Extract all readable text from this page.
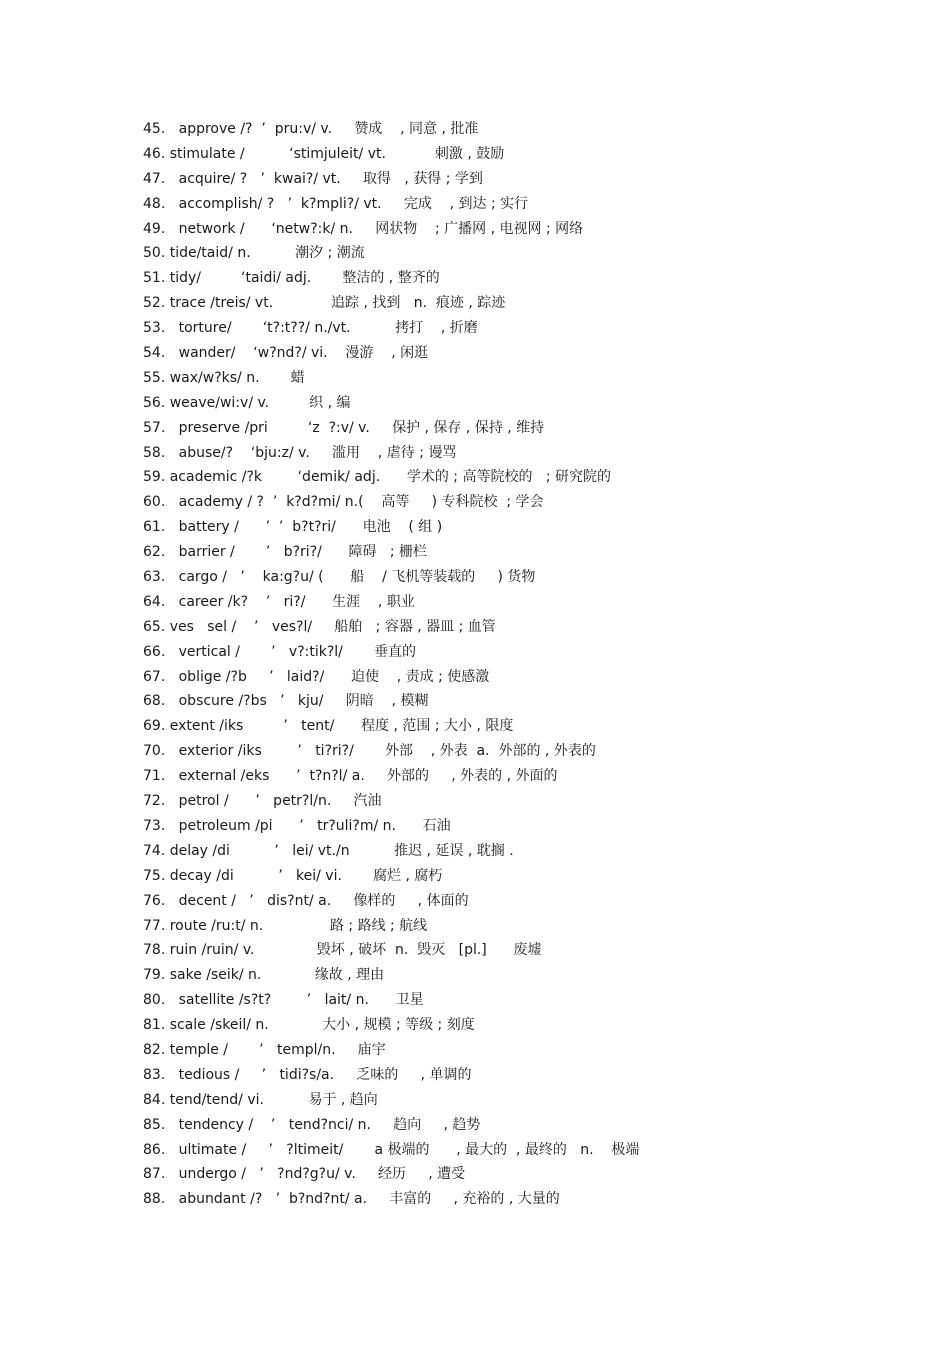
45.   approve /?  ’  pru:v/ v.     赞成    , 同意 , 批准
46. stimulate /          ‘stimjuleit/ vt.           刺激 , 鼓励
47.   acquire/ ?   ’  kwai?/ vt.     取得   , 获得 ; 学到
48.   accomplish/ ?   ’  k?mpli?/ vt.     完成    , 到达 ; 实行
49.   network /      ‘netw?:k/ n.     网状物    ; 广播网 , 电视网 ; 网络
50. tide/taid/ n.          潮汐 ; 潮流
51. tidy/         ‘taidi/ adj.       整洁的 , 整齐的
52. trace /treis/ vt.             追踪 , 找到   n.  痕迹 , 踪迹
53.   torture/       ‘t?:t??/ n./vt.          拷打    , 折磨
54.   wander/    ‘w?nd?/ vi.    漫游    , 闲逛
55. wax/w?ks/ n.       蜡
56. weave/wi:v/ v.         织 , 编
57.   preserve /pri         ‘z  ?:v/ v.     保护 , 保存 , 保持 , 维持
58.   abuse/?    ‘bju:z/ v.     滥用    , 虐待 ; 谩骂
59. academic /?k        ‘demik/ adj.      学术的 ; 高等院校的   ; 研究院的
60.   academy / ?  ’  k?d?mi/ n.(    高等     ) 专科院校  ; 学会
61.   battery /      ’  ’  b?t?ri/      电池    ( 组 )
62.   barrier /       ’   b?ri?/      障碍   ; 栅栏
63.   cargo /   ’    ka:g?u/ (      船    / 飞机等装载的     ) 货物
64.   career /k?    ’   ri?/      生涯    , 职业
65. ves   sel /    ’   ves?l/     船舶   ; 容器 , 器皿 ; 血管
66.   vertical /       ’   v?:tik?l/       垂直的
67.   oblige /?b     ’   laid?/      迫使    , 责成 ; 使感激
68.   obscure /?bs   ’   kju/     阴暗    , 模糊
69. extent /iks         ’   tent/      程度 , 范围 ; 大小 , 限度
70.   exterior /iks        ’   ti?ri?/       外部    , 外表  a.  外部的 , 外表的
71.   external /eks      ’  t?n?l/ a.     外部的     , 外表的 , 外面的
72.   petrol /      ’   petr?l/n.     汽油
73.   petroleum /pi      ’   tr?uli?m/ n.      石油
74. delay /di          ’   lei/ vt./n          推迟 , 延误 , 耽搁 .
75. decay /di          ’   kei/ vi.       腐烂 , 腐朽
76.   decent /   ’   dis?nt/ a.     像样的     , 体面的
77. route /ru:t/ n.               路 ; 路线 ; 航线
78. ruin /ruin/ v.              毁坏 , 破坏  n.  毁灭   [pl.]      废墟
79. sake /seik/ n.            缘故 , 理由
80.   satellite /s?t?        ’   lait/ n.      卫星
81. scale /skeil/ n.            大小 , 规模 ; 等级 ; 刻度
82. temple /       ’   templ/n.     庙宇
83.   tedious /     ’   tidi?s/a.     乏味的     , 单调的
84. tend/tend/ vi.          易于 , 趋向
85.   tendency /    ’   tend?nci/ n.     趋向     , 趋势
86.   ultimate /     ’   ?ltimeit/       a 极端的      , 最大的  , 最终的   n.    极端
87.   undergo /   ’   ?nd?g?u/ v.     经历     , 遭受
88.   abundant /?   ’  b?nd?nt/ a.     丰富的     , 充裕的 , 大量的
